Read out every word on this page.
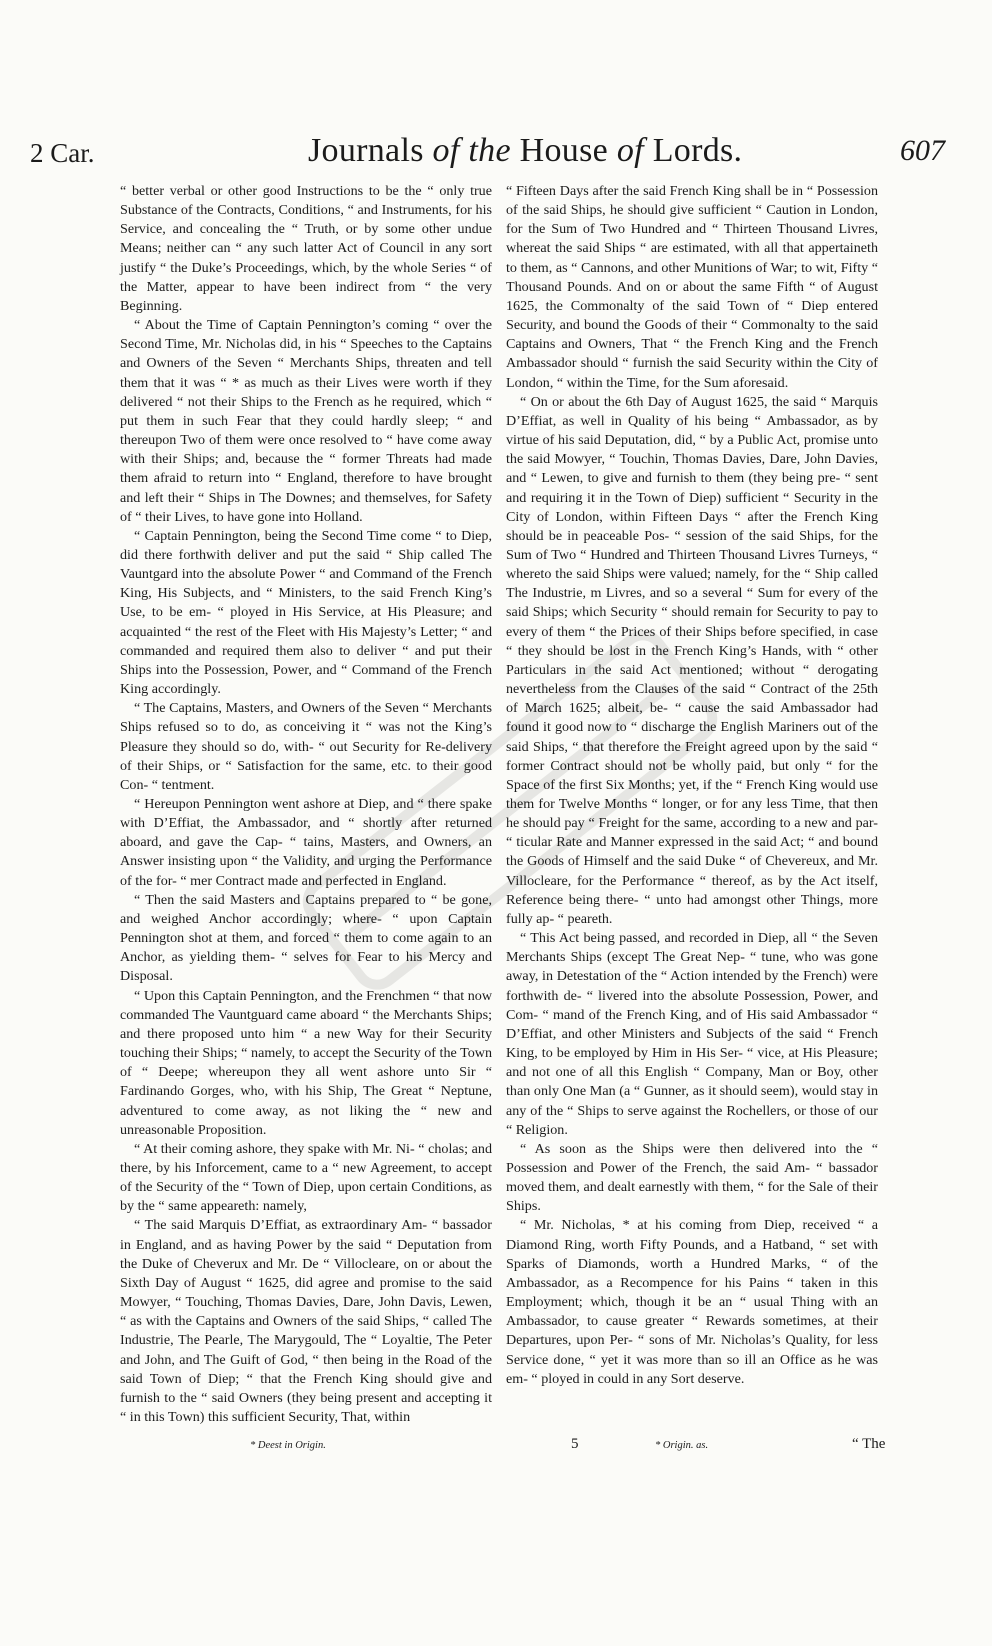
2 Car.	Journals of the House of Lords.	607

“ better verbal or other good Instructions to be the “ only true Substance of the Contracts, Conditions, “ and Instruments, for his Service, and concealing the “ Truth, or by some other undue Means; neither can “ any such latter Act of Council in any sort justify “ the Duke’s Proceedings, which, by the whole Series “ of the Matter, appear to have been indirect from “ the very Beginning.

“ About the Time of Captain Pennington’s coming “ over the Second Time, Mr. Nicholas did, in his “ Speeches to the Captains and Owners of the Seven “ Merchants Ships, threaten and tell them that it was “ * as much as their Lives were worth if they delivered “ not their Ships to the French as he required, which “ put them in such Fear that they could hardly sleep; “ and thereupon Two of them were once resolved to “ have come away with their Ships; and, because the “ former Threats had made them afraid to return into “ England, therefore to have brought and left their “ Ships in The Downes; and themselves, for Safety of “ their Lives, to have gone into Holland.

“ Captain Pennington, being the Second Time come “ to Diep, did there forthwith deliver and put the said “ Ship called The Vauntgard into the absolute Power “ and Command of the French King, His Subjects, and “ Ministers, to the said French King’s Use, to be em- “ ployed in His Service, at His Pleasure; and acquainted “ the rest of the Fleet with His Majesty’s Letter; “ and commanded and required them also to deliver “ and put their Ships into the Possession, Power, and “ Command of the French King accordingly.

“ The Captains, Masters, and Owners of the Seven “ Merchants Ships refused so to do, as conceiving it “ was not the King’s Pleasure they should so do, with- “ out Security for Re-delivery of their Ships, or “ Satisfaction for the same, etc. to their good Con- “ tentment.

“ Hereupon Pennington went ashore at Diep, and “ there spake with D’Effiat, the Ambassador, and “ shortly after returned aboard, and gave the Cap- “ tains, Masters, and Owners, an Answer insisting upon “ the Validity, and urging the Performance of the for- “ mer Contract made and perfected in England.

“ Then the said Masters and Captains prepared to “ be gone, and weighed Anchor accordingly; where- “ upon Captain Pennington shot at them, and forced “ them to come again to an Anchor, as yielding them- “ selves for Fear to his Mercy and Disposal.

“ Upon this Captain Pennington, and the Frenchmen “ that now commanded The Vauntguard came aboard “ the Merchants Ships; and there proposed unto him “ a new Way for their Security touching their Ships; “ namely, to accept the Security of the Town of “ Deepe; whereupon they all went ashore unto Sir “ Fardinando Gorges, who, with his Ship, The Great “ Neptune, adventured to come away, as not liking the “ new and unreasonable Proposition.

“ At their coming ashore, they spake with Mr. Ni- “ cholas; and there, by his Inforcement, came to a “ new Agreement, to accept of the Security of the “ Town of Diep, upon certain Conditions, as by the “ same appeareth: namely,

“ The said Marquis D’Effiat, as extraordinary Am- “ bassador in England, and as having Power by the said “ Deputation from the Duke of Cheverux and Mr. De “ Villocleare, on or about the Sixth Day of August “ 1625, did agree and promise to the said Mowyer, “ Touching, Thomas Davies, Dare, John Davis, Lewen, “ as with the Captains and Owners of the said Ships, “ called The Industrie, The Pearle, The Marygould, The “ Loyaltie, The Peter and John, and The Guift of God, “ then being in the Road of the said Town of Diep; “ that the French King should give and furnish to the “ said Owners (they being present and accepting it “ in this Town) this sufficient Security, That, within

“ Fifteen Days after the said French King shall be in “ Possession of the said Ships, he should give sufficient “ Caution in London, for the Sum of Two Hundred and “ Thirteen Thousand Livres, whereat the said Ships “ are estimated, with all that appertaineth to them, as “ Cannons, and other Munitions of War; to wit, Fifty “ Thousand Pounds. And on or about the same Fifth “ of August 1625, the Commonalty of the said Town of “ Diep entered Security, and bound the Goods of their “ Commonalty to the said Captains and Owners, That “ the French King and the French Ambassador should “ furnish the said Security within the City of London, “ within the Time, for the Sum aforesaid.

“ On or about the 6th Day of August 1625, the said “ Marquis D’Effiat, as well in Quality of his being “ Ambassador, as by virtue of his said Deputation, did, “ by a Public Act, promise unto the said Mowyer, “ Touchin, Thomas Davies, Dare, John Davies, and “ Lewen, to give and furnish to them (they being pre- “ sent and requiring it in the Town of Diep) sufficient “ Security in the City of London, within Fifteen Days “ after the French King should be in peaceable Pos- “ session of the said Ships, for the Sum of Two “ Hundred and Thirteen Thousand Livres Turneys, “ whereto the said Ships were valued; namely, for the “ Ship called The Industrie, m Livres, and so a several “ Sum for every of the said Ships; which Security “ should remain for Security to pay to every of them “ the Prices of their Ships before specified, in case “ they should be lost in the French King’s Hands, with “ other Particulars in the said Act mentioned; without “ derogating nevertheless from the Clauses of the said “ Contract of the 25th of March 1625; albeit, be- “ cause the said Ambassador had found it good now to “ discharge the English Mariners out of the said Ships, “ that therefore the Freight agreed upon by the said “ former Contract should not be wholly paid, but only “ for the Space of the first Six Months; yet, if the “ French King would use them for Twelve Months “ longer, or for any less Time, that then he should pay “ Freight for the same, according to a new and par- “ ticular Rate and Manner expressed in the said Act; “ and bound the Goods of Himself and the said Duke “ of Chevereux, and Mr. Villocleare, for the Performance “ thereof, as by the Act itself, Reference being there- “ unto had amongst other Things, more fully ap- “ peareth.

“ This Act being passed, and recorded in Diep, all “ the Seven Merchants Ships (except The Great Nep- “ tune, who was gone away, in Detestation of the “ Action intended by the French) were forthwith de- “ livered into the absolute Possession, Power, and Com- “ mand of the French King, and of His said Ambassador “ D’Effiat, and other Ministers and Subjects of the said “ French King, to be employed by Him in His Ser- “ vice, at His Pleasure; and not one of all this English “ Company, Man or Boy, other than only One Man (a “ Gunner, as it should seem), would stay in any of the “ Ships to serve against the Rochellers, or those of our “ Religion.

“ As soon as the Ships were then delivered into the “ Possession and Power of the French, the said Am- “ bassador moved them, and dealt earnestly with them, “ for the Sale of their Ships.

“ Mr. Nicholas, * at his coming from Diep, received “ a Diamond Ring, worth Fifty Pounds, and a Hatband, “ set with Sparks of Diamonds, worth a Hundred Marks, “ of the Ambassador, as a Recompence for his Pains “ taken in this Employment; which, though it be an “ usual Thing with an Ambassador, to cause greater “ Rewards sometimes, at their Departures, upon Per- “ sons of Mr. Nicholas’s Quality, for less Service done, “ yet it was more than so ill an Office as he was em- “ ployed in could in any Sort deserve.

* Deest in Origin.	5	* Origin. as.	“ The
